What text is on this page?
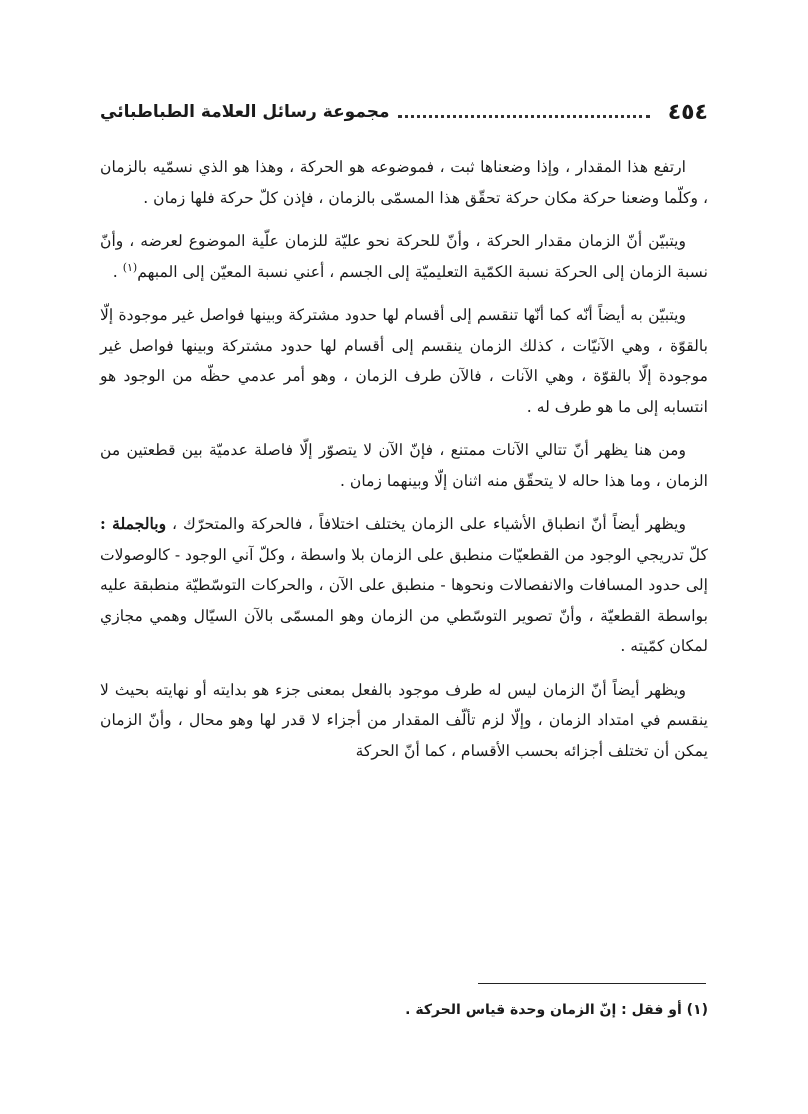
٤٥٤
مجموعة رسائل العلامة الطباطبائي

ارتفع هذا المقدار ، وإذا وضعناها ثبت ، فموضوعه هو الحركة ، وهذا هو الذي نسمّيه بالزمان ، وكلّما وضعنا حركة مكان حركة تحقّق هذا المسمّى بالزمان ، فإذن كلّ حركة فلها زمان .

ويتبيّن أنّ الزمان مقدار الحركة ، وأنّ للحركة نحو عليّة للزمان علّية الموضوع لعرضه ، وأنّ نسبة الزمان إلى الحركة نسبة الكمّية التعليميّة إلى الجسم ، أعني نسبة المعيّن إلى المبهم$^{(١)}$ .

ويتبيّن به أيضاً أنّه كما أنّها تنقسم إلى أقسام لها حدود مشتركة وبينها فواصل غير موجودة إلّا بالقوّة ، وهي الآنيّات ، كذلك الزمان ينقسم إلى أقسام لها حدود مشتركة وبينها فواصل غير موجودة إلّا بالقوّة ، وهي الآنات ، فالآن طرف الزمان ، وهو أمر عدمي حظّه من الوجود هو انتسابه إلى ما هو طرف له .

ومن هنا يظهر أنّ تتالي الآنات ممتنع ، فإنّ الآن لا يتصوّر إلّا فاصلة عدميّة بين قطعتين من الزمان ، وما هذا حاله لا يتحقّق منه اثنان إلّا وبينهما زمان .

ويظهر أيضاً أنّ انطباق الأشياء على الزمان يختلف اختلافاً ، فالحركة والمتحرّك ، وبالجملة : كلّ تدريجي الوجود من القطعيّات منطبق على الزمان بلا واسطة ، وكلّ آني الوجود - كالوصولات إلى حدود المسافات والانفصالات ونحوها - منطبق على الآن ، والحركات التوسّطيّة منطبقة عليه بواسطة القطعيّة ، وأنّ تصوير التوسّطي من الزمان وهو المسمّى بالآن السيّال وهمي مجازي لمكان كمّيته .

ويظهر أيضاً أنّ الزمان ليس له طرف موجود بالفعل بمعنى جزء هو بدايته أو نهايته بحيث لا ينقسم في امتداد الزمان ، وإلّا لزم تألّف المقدار من أجزاء لا قدر لها وهو محال ، وأنّ الزمان يمكن أن تختلف أجزائه بحسب الأقسام ، كما أنّ الحركة

(١) أو فقل : إنّ الزمان وحدة قياس الحركة .
